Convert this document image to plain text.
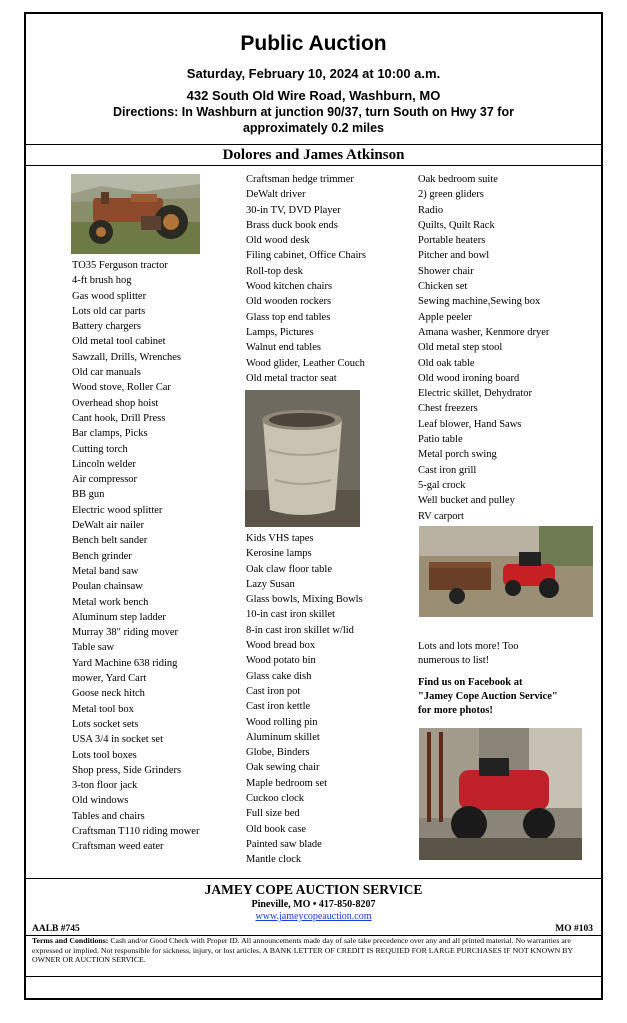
Public Auction
Saturday, February 10, 2024 at 10:00 a.m.
432 South Old Wire Road, Washburn, MO
Directions: In Washburn at junction 90/37, turn South on Hwy 37 for approximately 0.2 miles
Dolores and James Atkinson
TO35 Ferguson tractor
4-ft brush hog
Gas wood splitter
Lots old car parts
Battery chargers
Old metal tool cabinet
Sawzall, Drills, Wrenches
Old car manuals
Wood stove, Roller Car
Overhead shop hoist
Cant hook, Drill Press
Bar clamps, Picks
Cutting torch
Lincoln welder
Air compressor
BB gun
Electric wood splitter
DeWalt air nailer
Bench belt sander
Bench grinder
Metal band saw
Poulan chainsaw
Metal work bench
Aluminum step ladder
Murray 38" riding mover
Table saw
Yard Machine 638 riding mower, Yard Cart
Goose neck hitch
Metal tool box
Lots socket sets
USA 3/4 in socket set
Lots tool boxes
Shop press, Side Grinders
3-ton floor jack
Old windows
Tables and chairs
Craftsman T110 riding mower
Craftsman weed eater
Craftsman hedge trimmer
DeWalt driver
30-in TV, DVD Player
Brass duck book ends
Old wood desk
Filing cabinet, Office Chairs
Roll-top desk
Wood kitchen chairs
Old wooden rockers
Glass top end tables
Lamps, Pictures
Walnut end tables
Wood glider, Leather Couch
Old metal tractor seat
Kids VHS tapes
Kerosine lamps
Oak claw floor table
Lazy Susan
Glass bowls, Mixing Bowls
10-in cast iron skillet
8-in cast iron skillet w/lid
Wood bread box
Wood potato bin
Glass cake dish
Cast iron pot
Cast iron kettle
Wood rolling pin
Aluminum skillet
Globe, Binders
Oak sewing chair
Maple bedroom set
Cuckoo clock
Full size bed
Old book case
Painted saw blade
Mantle clock
Oak bedroom suite
2) green gliders
Radio
Quilts, Quilt Rack
Portable heaters
Pitcher and bowl
Shower chair
Chicken set
Sewing machine,Sewing box
Apple peeler
Amana washer, Kenmore dryer
Old metal step stool
Old oak table
Old wood ironing board
Electric skillet, Dehydrator
Chest freezers
Leaf blower, Hand Saws
Patio table
Metal porch swing
Cast iron grill
5-gal crock
Well bucket and pulley
RV carport
Lots and lots more! Too numerous to list!
Find us on Facebook at "Jamey Cope Auction Service" for more photos!
JAMEY COPE AUCTION SERVICE
Pineville, MO • 417-850-8207
www.jameycopeauction.com
AALB #745	MO #103
Terms and Conditions: Cash and/or Good Check with Proper ID. All announcements made day of sale take precedence over any and all printed material. No warranties are expressed or implied. Not responsible for sickness, injury, or lost articles. A BANK LETTER OF CREDIT IS REQUIED FOR LARGE PURCHASES IF NOT KNOWN BY OWNER OR AUCTION SERVICE.
